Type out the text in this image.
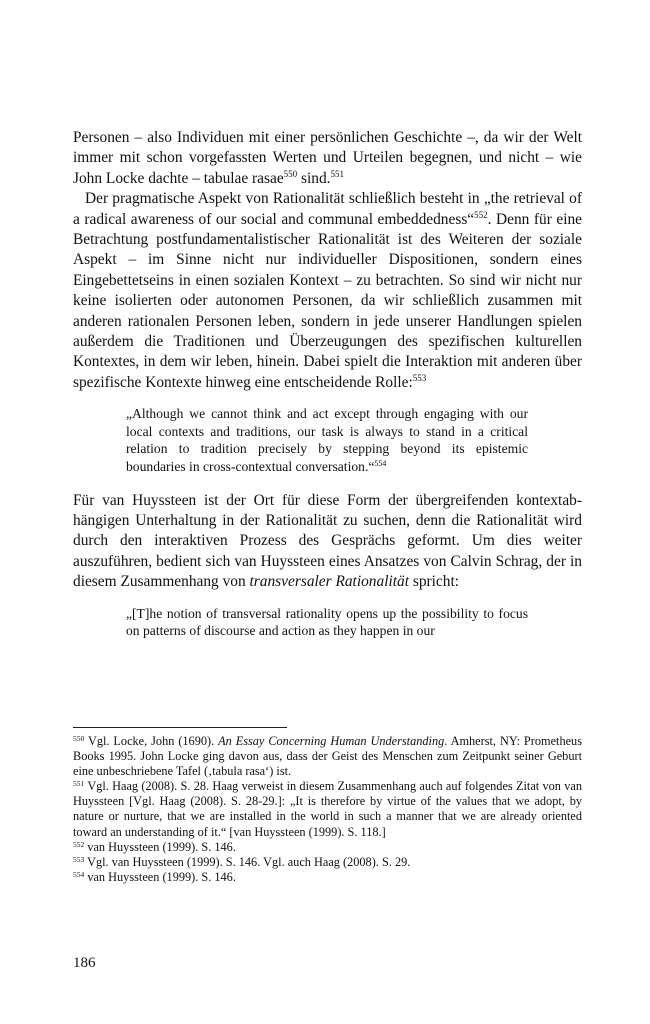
Personen – also Individuen mit einer persönlichen Geschichte –, da wir der Welt immer mit schon vorgefassten Werten und Urteilen begegnen, und nicht – wie John Locke dachte – tabulae rasae$^{550}$ sind.$^{551}$

Der pragmatische Aspekt von Rationalität schließlich besteht in „the retrieval of a radical awareness of our social and communal embeddedness“$^{552}$. Denn für eine Betrachtung postfundamentalistischer Rationalität ist des Weiteren der soziale Aspekt – im Sinne nicht nur individueller Dispositionen, sondern eines Eingebettetseins in einen sozialen Kontext – zu betrachten. So sind wir nicht nur keine isolierten oder autonomen Personen, da wir schließlich zusammen mit anderen rationalen Personen leben, sondern in jede unserer Handlungen spielen außerdem die Traditionen und Überzeugungen des spezifischen kulturellen Kontextes, in dem wir leben, hinein. Dabei spielt die Interaktion mit anderen über spezifische Kontexte hinweg eine entscheidende Rolle:$^{553}$

„Although we cannot think and act except through engaging with our local contexts and traditions, our task is always to stand in a critical relation to tradition precisely by stepping beyond its epistemic boundaries in cross-contextual conversation.“$^{554}$

Für van Huyssteen ist der Ort für diese Form der übergreifenden kontextabhängigen Unterhaltung in der Rationalität zu suchen, denn die Rationalität wird durch den interaktiven Prozess des Gesprächs geformt. Um dies weiter auszuführen, bedient sich van Huyssteen eines Ansatzes von Calvin Schrag, der in diesem Zusammenhang von transversaler Rationalität spricht:

„[T]he notion of transversal rationality opens up the possibility to focus on patterns of discourse and action as they happen in our

$^{550}$ Vgl. Locke, John (1690). An Essay Concerning Human Understanding. Amherst, NY: Prometheus Books 1995. John Locke ging davon aus, dass der Geist des Menschen zum Zeitpunkt seiner Geburt eine unbeschriebene Tafel (‚tabula rasa‘) ist.

$^{551}$ Vgl. Haag (2008). S. 28. Haag verweist in diesem Zusammenhang auch auf folgendes Zitat von van Huyssteen [Vgl. Haag (2008). S. 28-29.]: „It is therefore by virtue of the values that we adopt, by nature or nurture, that we are installed in the world in such a manner that we are already oriented toward an understanding of it.“ [van Huyssteen (1999). S. 118.]

$^{552}$ van Huyssteen (1999). S. 146.

$^{553}$ Vgl. van Huyssteen (1999). S. 146. Vgl. auch Haag (2008). S. 29.

$^{554}$ van Huyssteen (1999). S. 146.

186
